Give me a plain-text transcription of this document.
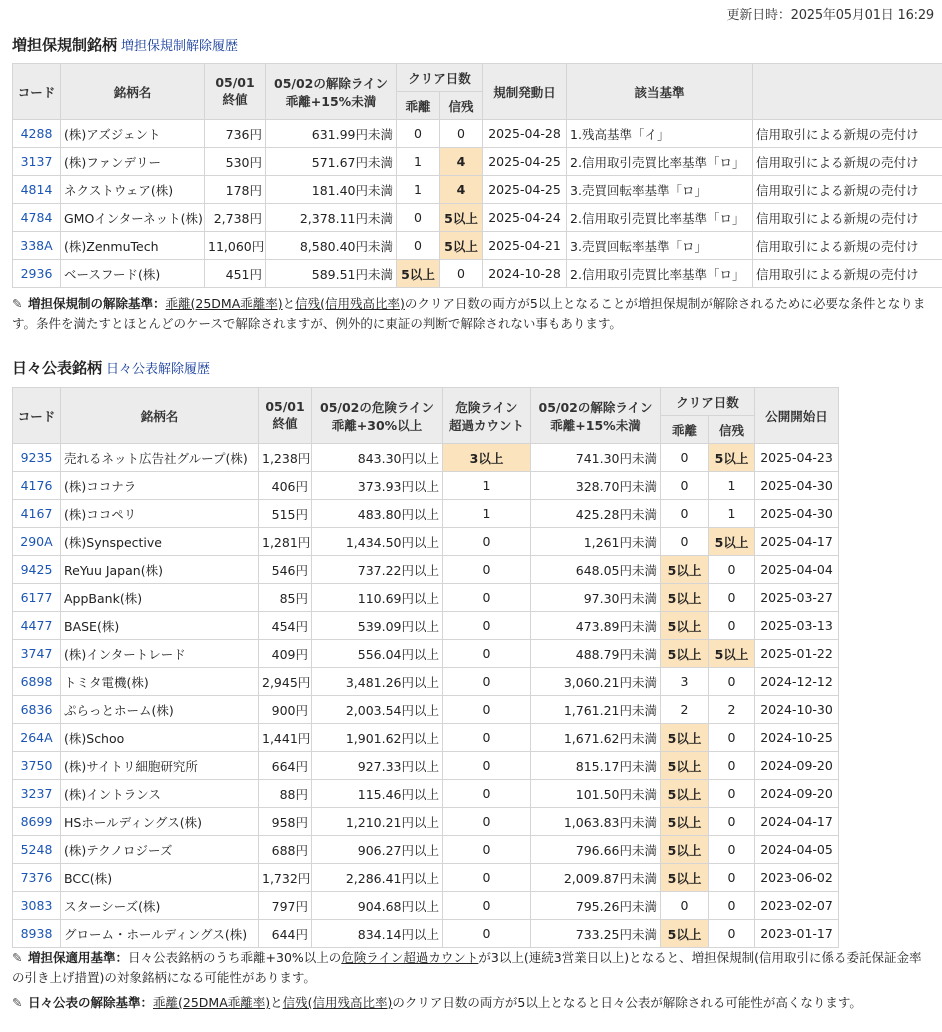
更新日時：2025年05月01日 16:29
増担保規制銘柄 増担保規制解除履歴
コード	銘柄名	05/01
終値	05/02の解除ライン
乖離+15%未満	クリア日数		規制発動日	該当基準	
				乖離	信残			
4288	(株)アズジェント	736円	631.99円未満	0	0	2025-04-28	1.残高基準「イ」	信用取引による新規の売付け
3137	(株)ファンデリー	530円	571.67円未満	1	4	2025-04-25	2.信用取引売買比率基準「ロ」	信用取引による新規の売付け
4814	ネクストウェア(株)	178円	181.40円未満	1	4	2025-04-25	3.売買回転率基準「ロ」	信用取引による新規の売付け
4784	GMOインターネット(株)	2,738円	2,378.11円未満	0	5以上	2025-04-24	2.信用取引売買比率基準「ロ」	信用取引による新規の売付け
338A	(株)ZenmuTech	11,060円	8,580.40円未満	0	5以上	2025-04-21	3.売買回転率基準「ロ」	信用取引による新規の売付け
2936	ベースフード(株)	451円	589.51円未満	5以上	0	2024-10-28	2.信用取引売買比率基準「ロ」	信用取引による新規の売付け
✎ 増担保規制の解除基準：乖離(25DMA乖離率)と信残(信用残高比率)のクリア日数の両方が5以上となることが増担保規制が解除されるために必要な条件となります。条件を満たすとほとんどのケースで解除されますが、例外的に東証の判断で解除されない事もあります。
日々公表銘柄 日々公表解除履歴
コード	銘柄名	05/01
終値	05/02の危険ライン
乖離+30%以上	危険ライン
超過カウント	05/02の解除ライン
乖離+15%未満	クリア日数		公開開始日
						乖離	信残	
9235	売れるネット広告社グループ(株)	1,238円	843.30円以上	3以上	741.30円未満	0	5以上	2025-04-23
4176	(株)ココナラ	406円	373.93円以上	1	328.70円未満	0	1	2025-04-30
4167	(株)ココペリ	515円	483.80円以上	1	425.28円未満	0	1	2025-04-30
290A	(株)Synspective	1,281円	1,434.50円以上	0	1,261円未満	0	5以上	2025-04-17
9425	ReYuu Japan(株)	546円	737.22円以上	0	648.05円未満	5以上	0	2025-04-04
6177	AppBank(株)	85円	110.69円以上	0	97.30円未満	5以上	0	2025-03-27
4477	BASE(株)	454円	539.09円以上	0	473.89円未満	5以上	0	2025-03-13
3747	(株)インタートレード	409円	556.04円以上	0	488.79円未満	5以上	5以上	2025-01-22
6898	トミタ電機(株)	2,945円	3,481.26円以上	0	3,060.21円未満	3	0	2024-12-12
6836	ぷらっとホーム(株)	900円	2,003.54円以上	0	1,761.21円未満	2	2	2024-10-30
264A	(株)Schoo	1,441円	1,901.62円以上	0	1,671.62円未満	5以上	0	2024-10-25
3750	(株)サイトリ細胞研究所	664円	927.33円以上	0	815.17円未満	5以上	0	2024-09-20
3237	(株)イントランス	88円	115.46円以上	0	101.50円未満	5以上	0	2024-09-20
8699	HSホールディングス(株)	958円	1,210.21円以上	0	1,063.83円未満	5以上	0	2024-04-17
5248	(株)テクノロジーズ	688円	906.27円以上	0	796.66円未満	5以上	0	2024-04-05
7376	BCC(株)	1,732円	2,286.41円以上	0	2,009.87円未満	5以上	0	2023-06-02
3083	スターシーズ(株)	797円	904.68円以上	0	795.26円未満	0	0	2023-02-07
8938	グローム・ホールディングス(株)	644円	834.14円以上	0	733.25円未満	5以上	0	2023-01-17
✎ 増担保適用基準：日々公表銘柄のうち乖離+30%以上の危険ライン超過カウントが3以上(連続3営業日以上)となると、増担保規制(信用取引に係る委託保証金率の引き上げ措置)の対象銘柄になる可能性があります。
✎ 日々公表の解除基準：乖離(25DMA乖離率)と信残(信用残高比率)のクリア日数の両方が5以上となると日々公表が解除される可能性が高くなります。
